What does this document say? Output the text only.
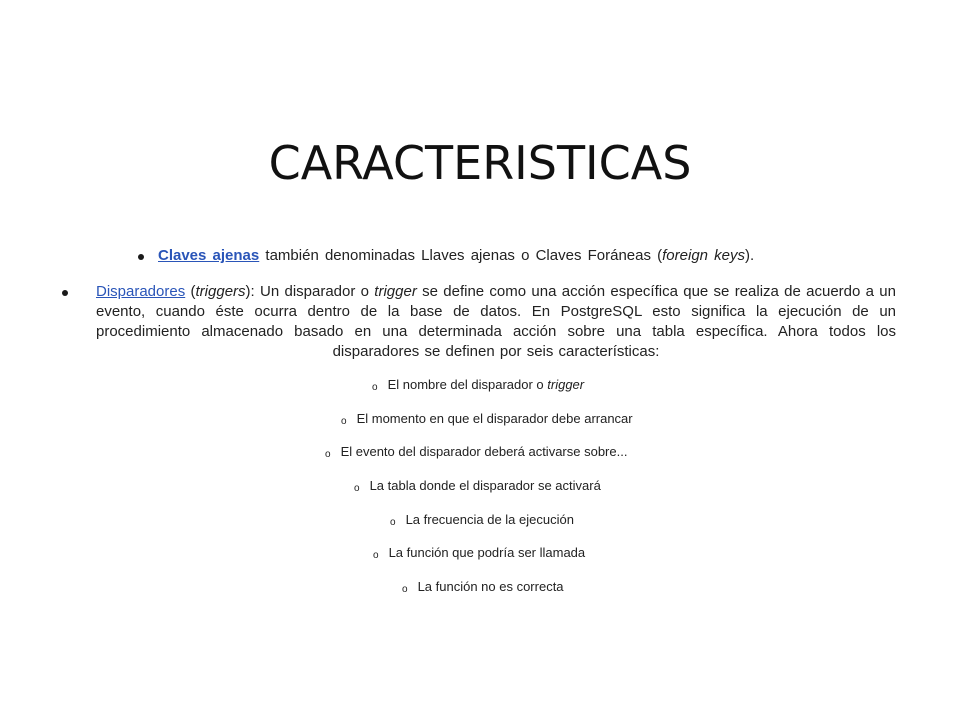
CARACTERISTICAS
Claves ajenas también denominadas Llaves ajenas o Claves Foráneas (foreign keys).
Disparadores (triggers): Un disparador o trigger se define como una acción específica que se realiza de acuerdo a un evento, cuando éste ocurra dentro de la base de datos. En PostgreSQL esto significa la ejecución de un procedimiento almacenado basado en una determinada acción sobre una tabla específica. Ahora todos los disparadores se definen por seis características:
o El nombre del disparador o trigger
o El momento en que el disparador debe arrancar
o El evento del disparador deberá activarse sobre...
o La tabla donde el disparador se activará
o La frecuencia de la ejecución
o La función que podría ser llamada
o La función no es correcta
